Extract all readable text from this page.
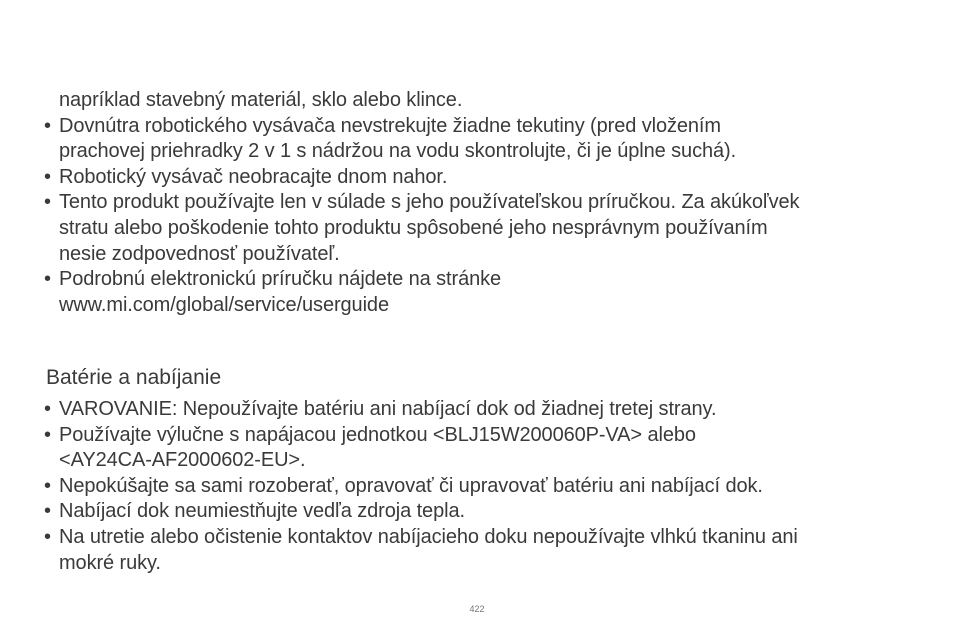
napríklad stavebný materiál, sklo alebo klince.
• Dovnútra robotického vysávača nevstrekujte žiadne tekutiny (pred vložením
prachovej priehradky 2 v 1 s nádržou na vodu skontrolujte, či je úplne suchá).
• Robotický vysávač neobracajte dnom nahor.
• Tento produkt používajte len v súlade s jeho používateľskou príručkou. Za akúkoľvek
stratu alebo poškodenie tohto produktu spôsobené jeho nesprávnym používaním
nesie zodpovednosť používateľ.
• Podrobnú elektronickú príručku nájdete na stránke
www.mi.com/global/service/userguide
Batérie a nabíjanie
• VAROVANIE: Nepoužívajte batériu ani nabíjací dok od žiadnej tretej strany.
• Používajte výlučne s napájacou jednotkou <BLJ15W200060P-VA> alebo
<AY24CA-AF2000602-EU>.
• Nepokúšajte sa sami rozoberať, opravovať či upravovať batériu ani nabíjací dok.
• Nabíjací dok neumiestňujte vedľa zdroja tepla.
• Na utretie alebo očistenie kontaktov nabíjacieho doku nepoužívajte vlhkú tkaninu ani
mokré ruky.
422
